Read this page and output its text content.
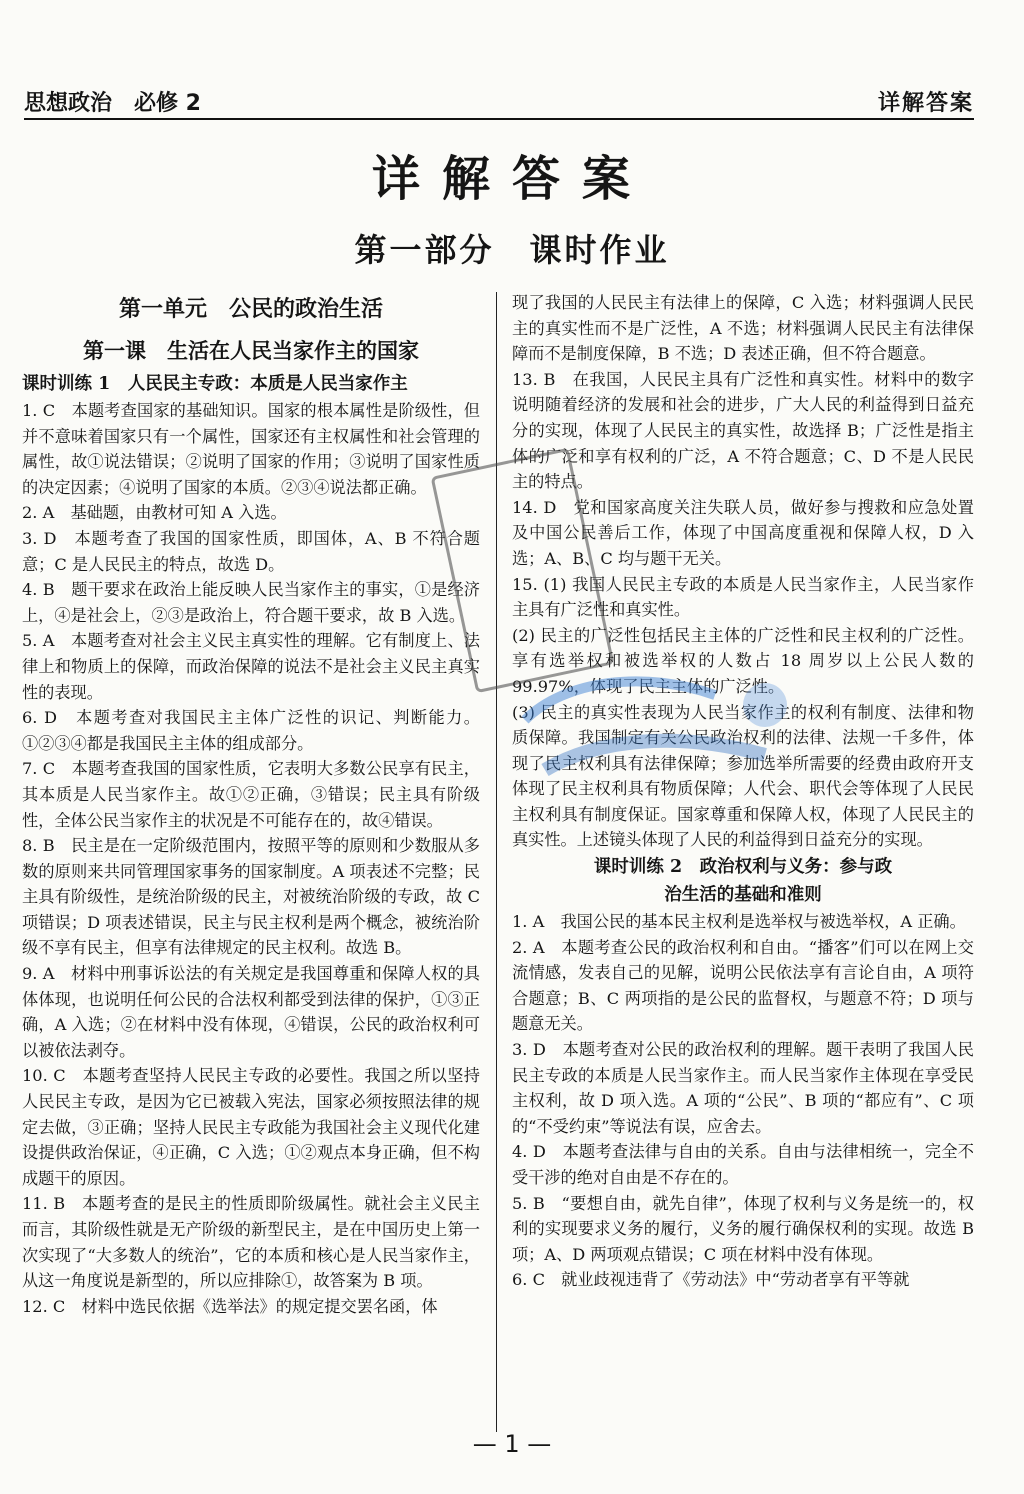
思想政治　必修 2	详解答案
详解答案
第一部分　课时作业
第一单元　公民的政治生活
第一课　生活在人民当家作主的国家
课时训练 1　人民民主专政：本质是人民当家作主

1. C　本题考查国家的基础知识。国家的根本属性是阶级性，但并不意味着国家只有一个属性，国家还有主权属性和社会管理的属性，故①说法错误；②说明了国家的作用；③说明了国家性质的决定因素；④说明了国家的本质。②③④说法都正确。

2. A　基础题，由教材可知 A 入选。

3. D　本题考查了我国的国家性质，即国体，A、B 不符合题意；C 是人民民主的特点，故选 D。

4. B　题干要求在政治上能反映人民当家作主的事实，①是经济上，④是社会上，②③是政治上，符合题干要求，故 B 入选。

5. A　本题考查对社会主义民主真实性的理解。它有制度上、法律上和物质上的保障，而政治保障的说法不是社会主义民主真实性的表现。

6. D　本题考查对我国民主主体广泛性的识记、判断能力。①②③④都是我国民主主体的组成部分。

7. C　本题考查我国的国家性质，它表明大多数公民享有民主，其本质是人民当家作主。故①②正确，③错误；民主具有阶级性，全体公民当家作主的状况是不可能存在的，故④错误。

8. B　民主是在一定阶级范围内，按照平等的原则和少数服从多数的原则来共同管理国家事务的国家制度。A 项表述不完整；民主具有阶级性，是统治阶级的民主，对被统治阶级的专政，故 C 项错误；D 项表述错误，民主与民主权利是两个概念，被统治阶级不享有民主，但享有法律规定的民主权利。故选 B。

9. A　材料中刑事诉讼法的有关规定是我国尊重和保障人权的具体体现，也说明任何公民的合法权利都受到法律的保护，①③正确，A 入选；②在材料中没有体现，④错误，公民的政治权利可以被依法剥夺。

10. C　本题考查坚持人民民主专政的必要性。我国之所以坚持人民民主专政，是因为它已被载入宪法，国家必须按照法律的规定去做，③正确；坚持人民民主专政能为我国社会主义现代化建设提供政治保证，④正确，C 入选；①②观点本身正确，但不构成题干的原因。

11. B　本题考查的是民主的性质即阶级属性。就社会主义民主而言，其阶级性就是无产阶级的新型民主，是在中国历史上第一次实现了“大多数人的统治”，它的本质和核心是人民当家作主，从这一角度说是新型的，所以应排除①，故答案为 B 项。

12. C　材料中选民依据《选举法》的规定提交罢名函，体

现了我国的人民民主有法律上的保障，C 入选；材料强调人民民主的真实性而不是广泛性，A 不选；材料强调人民民主有法律保障而不是制度保障，B 不选；D 表述正确，但不符合题意。

13. B　在我国，人民民主具有广泛性和真实性。材料中的数字说明随着经济的发展和社会的进步，广大人民的利益得到日益充分的实现，体现了人民民主的真实性，故选择 B；广泛性是指主体的广泛和享有权利的广泛，A 不符合题意；C、D 不是人民民主的特点。

14. D　党和国家高度关注失联人员，做好参与搜救和应急处置及中国公民善后工作，体现了中国高度重视和保障人权，D 入选；A、B、C 均与题干无关。

15. (1) 我国人民民主专政的本质是人民当家作主，人民当家作主具有广泛性和真实性。

(2) 民主的广泛性包括民主主体的广泛性和民主权利的广泛性。享有选举权和被选举权的人数占 18 周岁以上公民人数的 99.97%，体现了民主主体的广泛性。

(3) 民主的真实性表现为人民当家作主的权利有制度、法律和物质保障。我国制定有关公民政治权利的法律、法规一千多件，体现了民主权利具有法律保障；参加选举所需要的经费由政府开支体现了民主权利具有物质保障；人代会、职代会等体现了人民民主权利具有制度保证。国家尊重和保障人权，体现了人民民主的真实性。上述镜头体现了人民的利益得到日益充分的实现。

课时训练 2　政治权利与义务：参与政
治生活的基础和准则

1. A　我国公民的基本民主权利是选举权与被选举权，A 正确。

2. A　本题考查公民的政治权利和自由。“播客”们可以在网上交流情感，发表自己的见解，说明公民依法享有言论自由，A 项符合题意；B、C 两项指的是公民的监督权，与题意不符；D 项与题意无关。

3. D　本题考查对公民的政治权利的理解。题干表明了我国人民民主专政的本质是人民当家作主。而人民当家作主体现在享受民主权利，故 D 项入选。A 项的“公民”、B 项的“都应有”、C 项的“不受约束”等说法有误，应舍去。

4. D　本题考查法律与自由的关系。自由与法律相统一，完全不受干涉的绝对自由是不存在的。

5. B　“要想自由，就先自律”，体现了权利与义务是统一的，权利的实现要求义务的履行，义务的履行确保权利的实现。故选 B 项；A、D 两项观点错误；C 项在材料中没有体现。

6. C　就业歧视违背了《劳动法》中“劳动者享有平等就

— 1 —
